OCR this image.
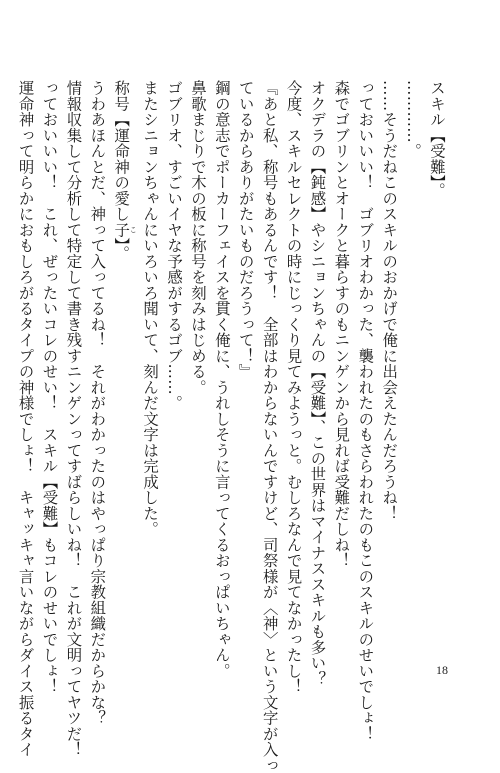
スキル【受難】。
…………。
……そうだねこのスキルのおかげで俺に出会えたんだろうね！
っておいいい！　ゴブリオわかった、襲われたのもさらわれたのもこのスキルのせいでしょ！
森でゴブリンとオークと暮らすのもニンゲンから見れば受難だしね！
オクデラの【鈍感】やシニョンちゃんの【受難】、この世界はマイナススキルも多い？
今度、スキルセレクトの時にじっくり見てみようっと。むしろなんで見てなかったし！
『あと私、称号もあるんです！　全部はわからないんですけど、司祭様が〈神〉という文字が入っ
ているからありがたいものだろうって！』
鋼の意志でポーカーフェイスを貫く俺に、うれしそうに言ってくるおっぱいちゃん。
鼻歌まじりで木の板に称号を刻みはじめる。
ゴブリオ、すごいイヤな予感がするゴブ……。
またシニョンちゃんにいろいろ聞いて、刻んだ文字は完成した。
称号【運命神の愛し子 こ】。
うわあほんとだ、神って入ってるね！　それがわかったのはやっぱり宗教組織だからかな？
情報収集して分析して特定して書き残すニンゲンってすばらしいね！　これが文明ってヤツだ！
っておいいい！　これ、ぜったいコレのせい！　スキル【受難】もコレのせいでしょ！
運命神って明らかにおもしろがるタイプの神様でしょ！　キャッキャ言いながらダイス振るタイ	18
